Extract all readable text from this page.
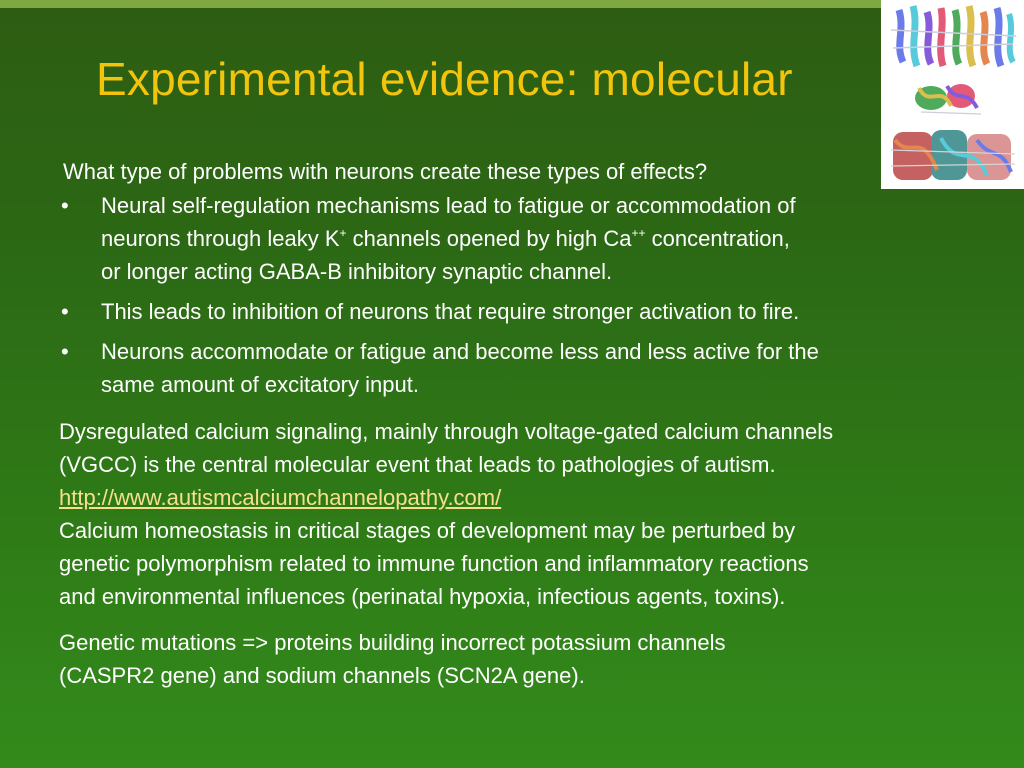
Experimental evidence: molecular

What type of problems with neurons create these types of effects?

• Neural self-regulation mechanisms lead to fatigue or accommodation of
neurons through leaky K+ channels opened by high Ca++ concentration,
or longer acting GABA-B inhibitory synaptic channel.
• This leads to inhibition of neurons that require stronger activation to fire.
• Neurons accommodate or fatigue and become less and less active for the
same amount of excitatory input.
Dysregulated calcium signaling, mainly through voltage-gated calcium channels
(VGCC) is the central molecular event that leads to pathologies of autism.
http://www.autismcalciumchannelopathy.com/
Calcium homeostasis in critical stages of development may be perturbed by
genetic polymorphism related to immune function and inflammatory reactions
and environmental influences (perinatal hypoxia, infectious agents, toxins).
Genetic mutations => proteins building incorrect potassium channels
(CASPR2 gene) and sodium channels (SCN2A gene).
